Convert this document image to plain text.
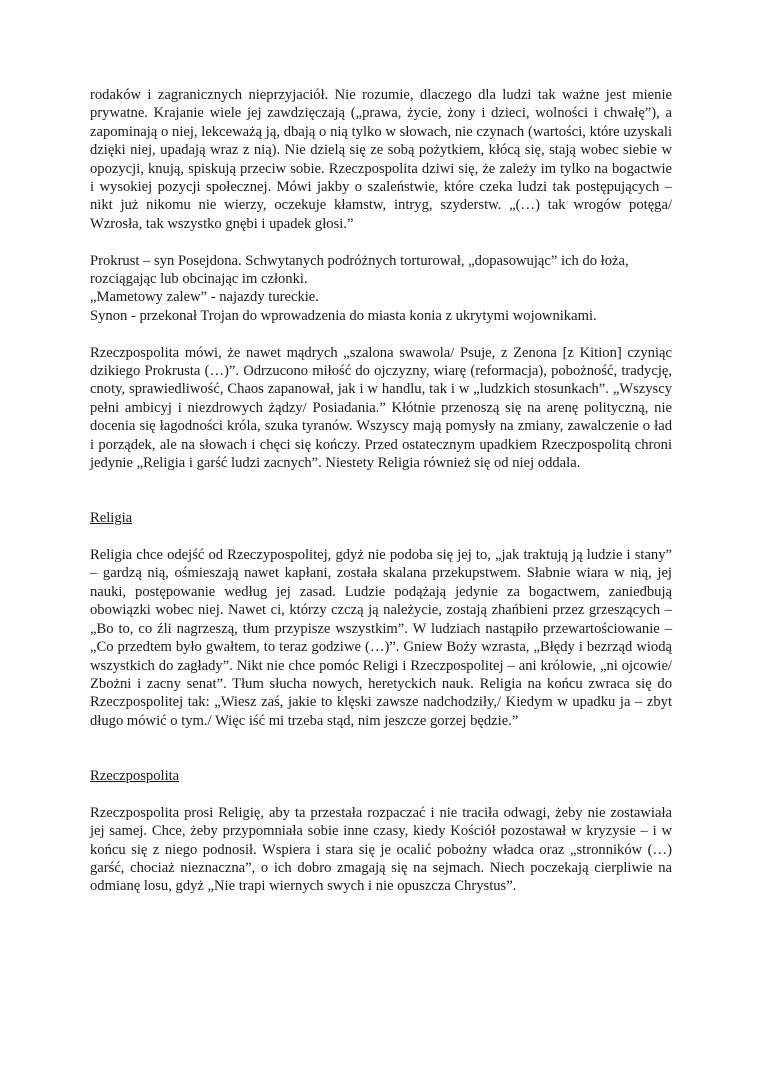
rodaków i zagranicznych nieprzyjaciół. Nie rozumie, dlaczego dla ludzi tak ważne jest mienie prywatne. Krajanie wiele jej zawdzięczają („prawa, życie, żony i dzieci, wolności i chwałę”), a zapominają o niej, lekceważą ją, dbają o nią tylko w słowach, nie czynach (wartości, które uzyskali dzięki niej, upadają wraz z nią). Nie dzielą się ze sobą pożytkiem, kłócą się, stają wobec siebie w opozycji, knują, spiskują przeciw sobie. Rzeczpospolita dziwi się, że zależy im tylko na bogactwie i wysokiej pozycji społecznej. Mówi jakby o szaleństwie, które czeka ludzi tak postępujących – nikt już nikomu nie wierzy, oczekuje kłamstw, intryg, szyderstw. „(…) tak wrogów potęga/ Wzrosła, tak wszystko gnębi i upadek głosi.”

Prokrust – syn Posejdona. Schwytanych podróżnych torturował, „dopasowując” ich do łoża, rozciągając lub obcinając im członki.

„Mametowy zalew” - najazdy tureckie.

Synon - przekonał Trojan do wprowadzenia do miasta konia z ukrytymi wojownikami.

Rzeczpospolita mówi, że nawet mądrych „szalona swawola/ Psuje, z Zenona [z Kition] czyniąc dzikiego Prokrusta (…)”. Odrzucono miłość do ojczyzny, wiarę (reformacja), pobożność, tradycję, cnoty, sprawiedliwość, Chaos zapanował, jak i w handlu, tak i w „ludzkich stosunkach”. „Wszyscy pełni ambicyj i niezdrowych żądzy/ Posiadania.” Kłótnie przenoszą się na arenę polityczną, nie docenia się łagodności króla, szuka tyranów. Wszyscy mają pomysły na zmiany, zawalczenie o ład i porządek, ale na słowach i chęci się kończy. Przed ostatecznym upadkiem Rzeczpospolitą chroni jedynie „Religia i garść ludzi zacnych”. Niestety Religia również się od niej oddala.

Religia

Religia chce odejść od Rzeczypospolitej, gdyż nie podoba się jej to, „jak traktują ją ludzie i stany” – gardzą nią, ośmieszają nawet kapłani, została skalana przekupstwem. Słabnie wiara w nią, jej nauki, postępowanie według jej zasad. Ludzie podążają jedynie za bogactwem, zaniedbują obowiązki wobec niej. Nawet ci, którzy czczą ją należycie, zostają zhańbieni przez grzeszących – „Bo to, co źli nagrzeszą, tłum przypisze wszystkim”. W ludziach nastąpiło przewartościowanie – „Co przedtem było gwałtem, to teraz godziwe (…)”. Gniew Boży wzrasta, „Błędy i bezrząd wiodą wszystkich do zagłady”. Nikt nie chce pomóc Religi i Rzeczpospolitej – ani królowie, „ni ojcowie/ Zbożni i zacny senat”. Tłum słucha nowych, heretyckich nauk. Religia na końcu zwraca się do Rzeczpospolitej tak: „Wiesz zaś, jakie to klęski zawsze nadchodziły,/ Kiedym w upadku ja – zbyt długo mówić o tym./ Więc iść mi trzeba stąd, nim jeszcze gorzej będzie.”

Rzeczpospolita

Rzeczpospolita prosi Religię, aby ta przestała rozpaczać i nie traciła odwagi, żeby nie zostawiała jej samej. Chce, żeby przypomniała sobie inne czasy, kiedy Kościół pozostawał w kryzysie – i w końcu się z niego podnosił. Wspiera i stara się je ocalić pobożny władca oraz „stronników (…) garść, chociaż nieznaczna”, o ich dobro zmagają się na sejmach. Niech poczekają cierpliwie na odmianę losu, gdyż „Nie trapi wiernych swych i nie opuszcza Chrystus”.
